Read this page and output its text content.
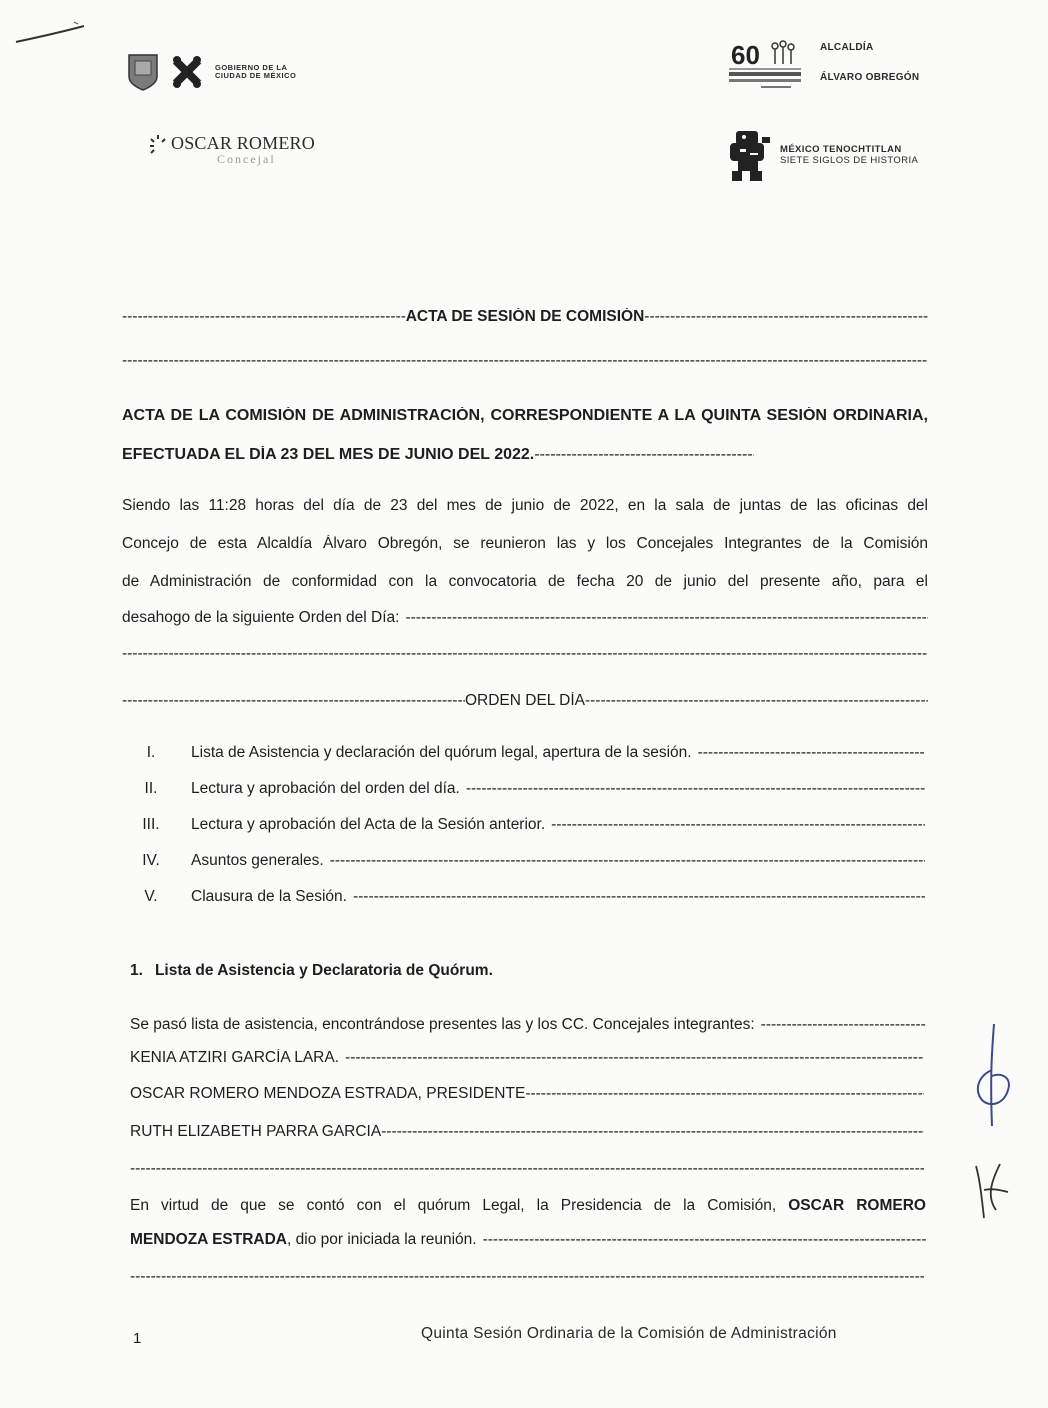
GOBIERNO DE LA
CIUDAD DE MÉXICO
OSCAR ROMERO
Concejal
60	ALCALDÍA
ÁLVARO OBREGÓN
MÉXICO TENOCHTITLAN
SIETE SIGLOS DE HISTORIA
-----
ACTA DE SESIÓN DE COMISIÓN
-----
-----
ACTA DE LA COMISIÓN DE ADMINISTRACIÓN, CORRESPONDIENTE A LA QUINTA SESIÓN ORDINARIA,
EFECTUADA EL DÍA 23 DEL MES DE JUNIO DEL 2022.
-----
Siendo las 11:28 horas del día de 23 del mes de junio de 2022, en la sala de juntas de las oficinas del
Concejo de esta Alcaldía Álvaro Obregón, se reunieron las y los Concejales Integrantes de la Comisión
de Administración de conformidad con la convocatoria de fecha 20 de junio del presente año, para el
desahogo de la siguiente Orden del Día:
-----
-----
-----
ORDEN DEL DÍA
-----
I.	Lista de Asistencia y declaración del quórum legal, apertura de la sesión.
-----
II.	Lectura y aprobación del orden del día.
-----
III.	Lectura y aprobación del Acta de la Sesión anterior.
-----
IV.	Asuntos generales.
-----
V.	Clausura de la Sesión.
-----
1. Lista de Asistencia y Declaratoria de Quórum.
Se pasó lista de asistencia, encontrándose presentes las y los CC. Concejales integrantes:
-----
KENIA ATZIRI GARCÍA LARA.
-----
OSCAR ROMERO MENDOZA ESTRADA, PRESIDENTE
-----
RUTH ELIZABETH PARRA GARCIA
-----
-----
En virtud de que se contó con el quórum Legal, la Presidencia de la Comisión, OSCAR ROMERO
MENDOZA ESTRADA , dio por iniciada la reunión.
-----
-----
1	Quinta Sesión Ordinaria de la Comisión de Administración
